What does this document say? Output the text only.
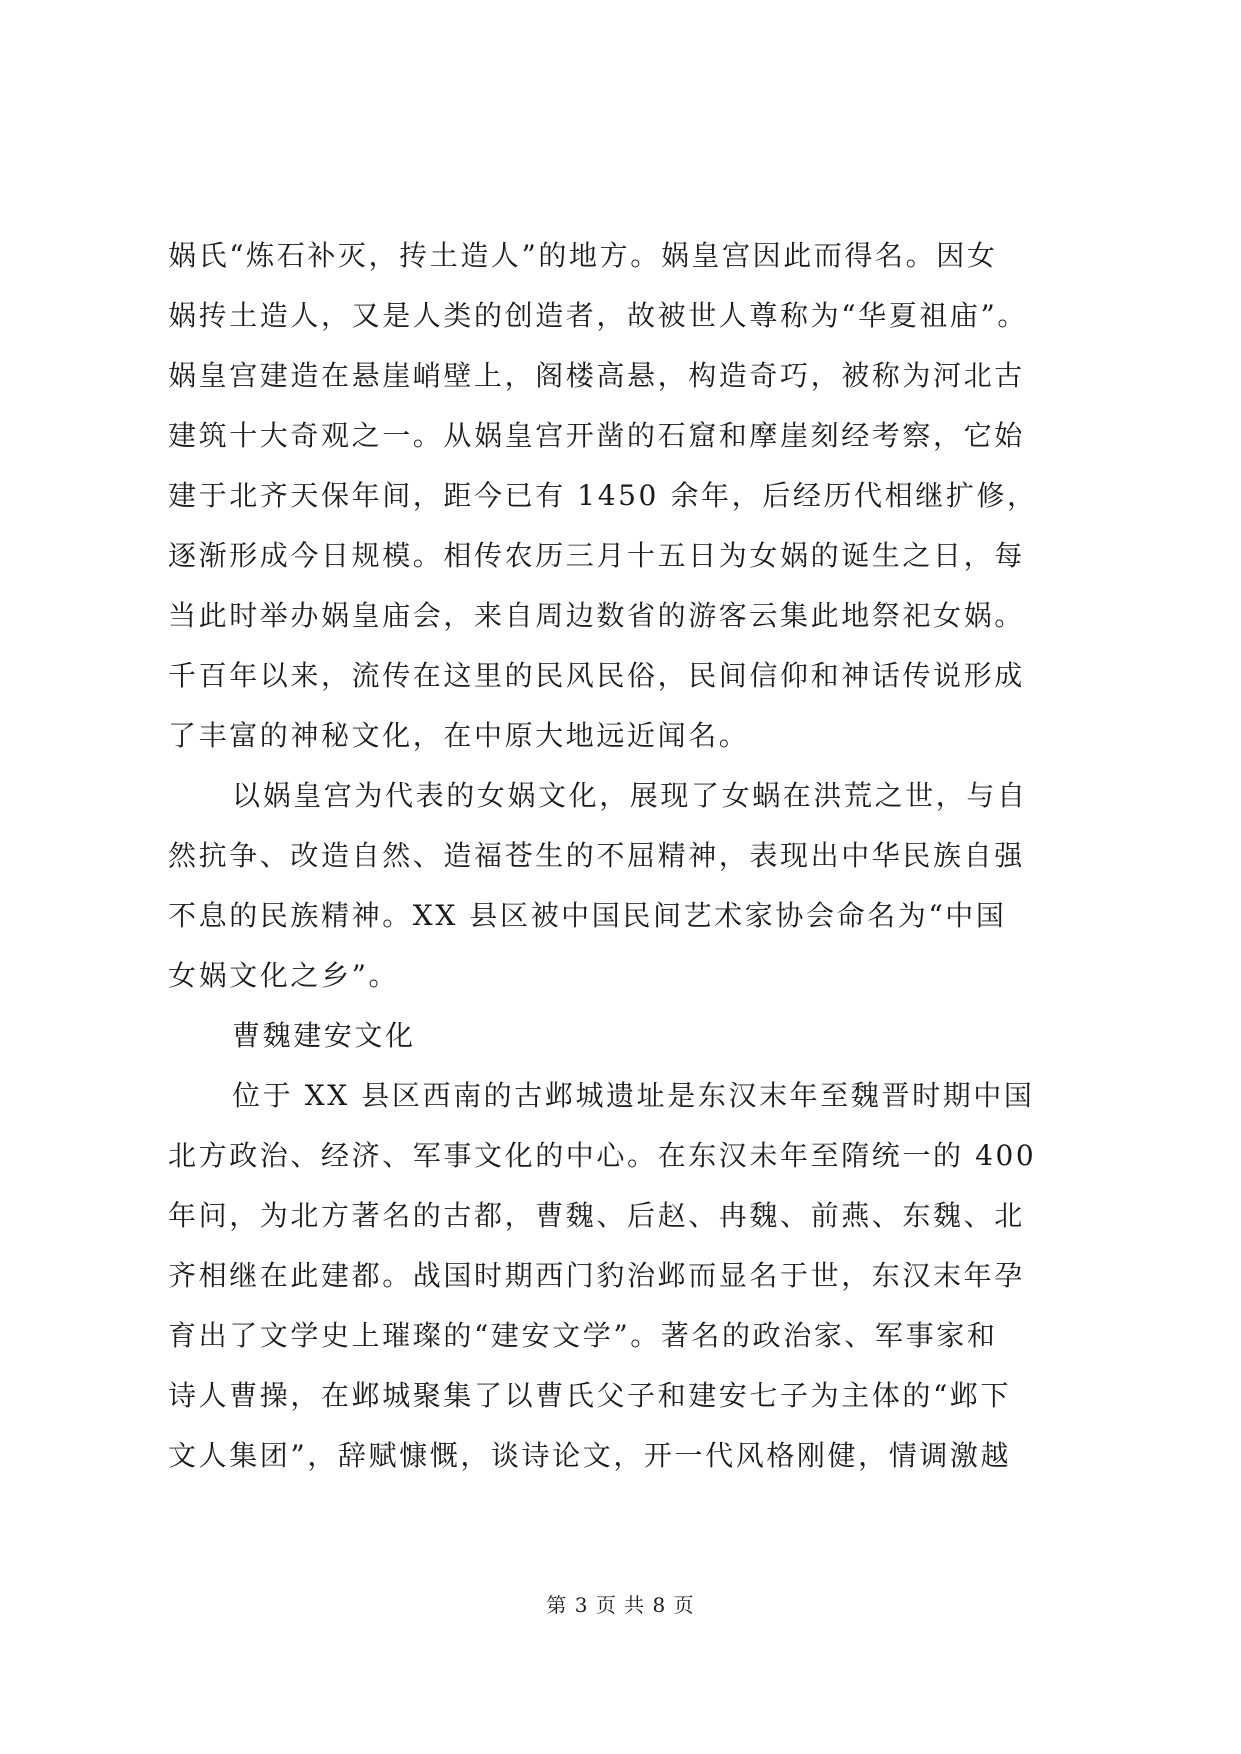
娲氏“炼石补灭，抟土造人”的地方。娲皇宫因此而得名。因女
娲抟土造人，又是人类的创造者，故被世人尊称为“华夏祖庙”。
娲皇宫建造在悬崖峭壁上，阁楼高悬，构造奇巧，被称为河北古
建筑十大奇观之一。从娲皇宫开凿的石窟和摩崖刻经考察，它始
建于北齐天保年间，距今已有 1450 余年，后经历代相继扩修，
逐渐形成今日规模。相传农历三月十五日为女娲的诞生之日，每
当此时举办娲皇庙会，来自周边数省的游客云集此地祭祀女娲。
千百年以来，流传在这里的民风民俗，民间信仰和神话传说形成
了丰富的神秘文化，在中原大地远近闻名。
以娲皇宫为代表的女娲文化，展现了女蜗在洪荒之世，与自
然抗争、改造自然、造福苍生的不屈精神，表现出中华民族自强
不息的民族精神。XX 县区被中国民间艺术家协会命名为“中国
女娲文化之乡”。
曹魏建安文化
位于 XX 县区西南的古邺城遗址是东汉末年至魏晋时期中国
北方政治、经济、军事文化的中心。在东汉未年至隋统一的 400
年问，为北方著名的古都，曹魏、后赵、冉魏、前燕、东魏、北
齐相继在此建都。战国时期西门豹治邺而显名于世，东汉末年孕
育出了文学史上璀璨的“建安文学”。著名的政治家、军事家和
诗人曹操，在邺城聚集了以曹氏父子和建安七子为主体的“邺下
文人集团”，辞赋慷慨，谈诗论文，开一代风格刚健，情调激越
第 3 页 共 8 页
